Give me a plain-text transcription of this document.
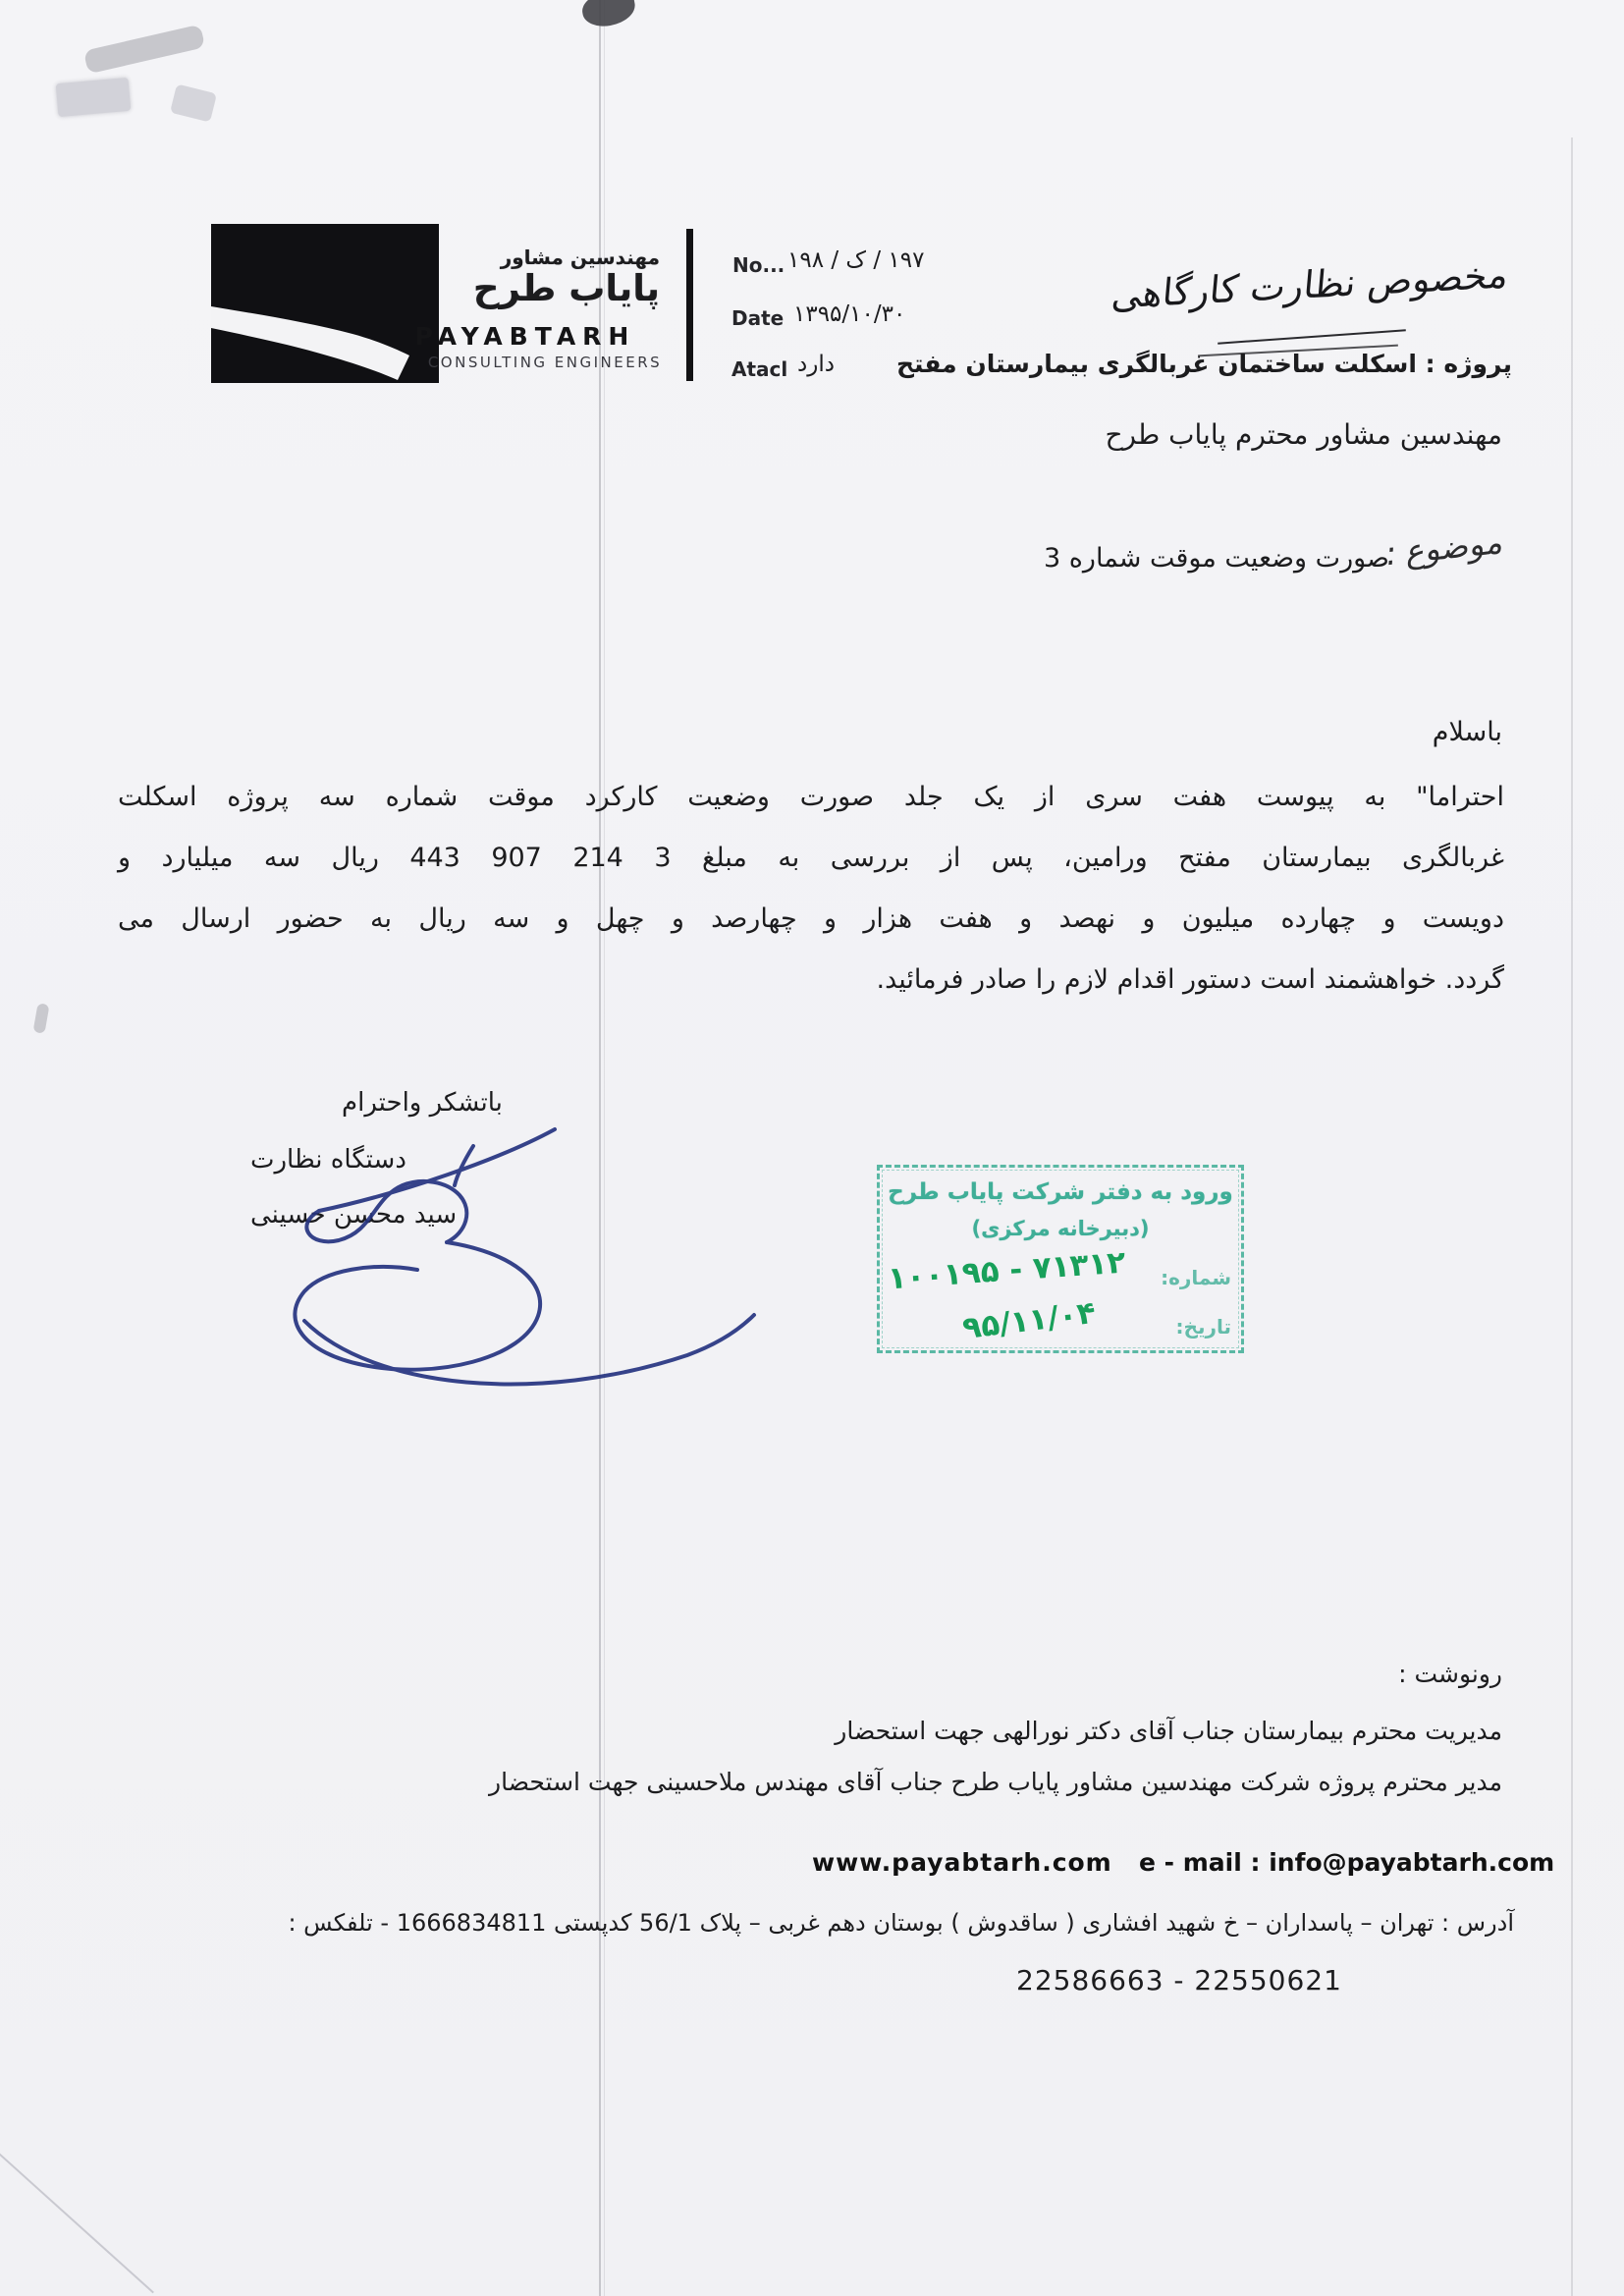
مهندسین مشاور
پایاب طرح
PAYABTARH
CONSULTING ENGINEERS
No... ۱۹۸ / ک / ۱۹۷
Date ۱۳۹۵/۱۰/۳۰
Atacl دارد
مخصوص نظارت کارگاهی
پروژه : اسکلت ساختمان غربالگری بیمارستان مفتح
مهندسین مشاور محترم پایاب طرح
موضوع :
صورت وضعیت موقت شماره 3
باسلام
احتراما" به پیوست هفت سری از یک جلد صورت وضعیت کارکرد موقت شماره سه پروژه اسکلت
غربالگری بیمارستان مفتح ورامین، پس از بررسی به مبلغ 3 214 907 443 ریال سه میلیارد و
دویست و چهارده میلیون و نهصد و هفت هزار و چهارصد و چهل و سه ریال به حضور ارسال می
گردد. خواهشمند است دستور اقدام لازم را صادر فرمائید.
باتشکر واحترام
دستگاه نظارت
سید محسن حسینی
ورود به دفتر شرکت پایاب طرح
(دبیرخانه مرکزی)
شماره:
۱۰۰۱۹۵ - ۷۱۳۱۲
تاریخ:
۹۵/۱۱/۰۴
رونوشت :
مدیریت محترم بیمارستان جناب آقای دکتر نورالهی جهت استحضار
مدیر محترم پروژه شرکت مهندسین مشاور پایاب طرح جناب آقای مهندس ملاحسینی جهت استحضار
www.payabtarh.com e - mail : info@payabtarh.com
آدرس : تهران – پاسداران – خ شهید افشاری ( ساقدوش ) بوستان دهم غربی – پلاک 56/1 کدپستی 1666834811 - تلفکس :
22586663 - 22550621
